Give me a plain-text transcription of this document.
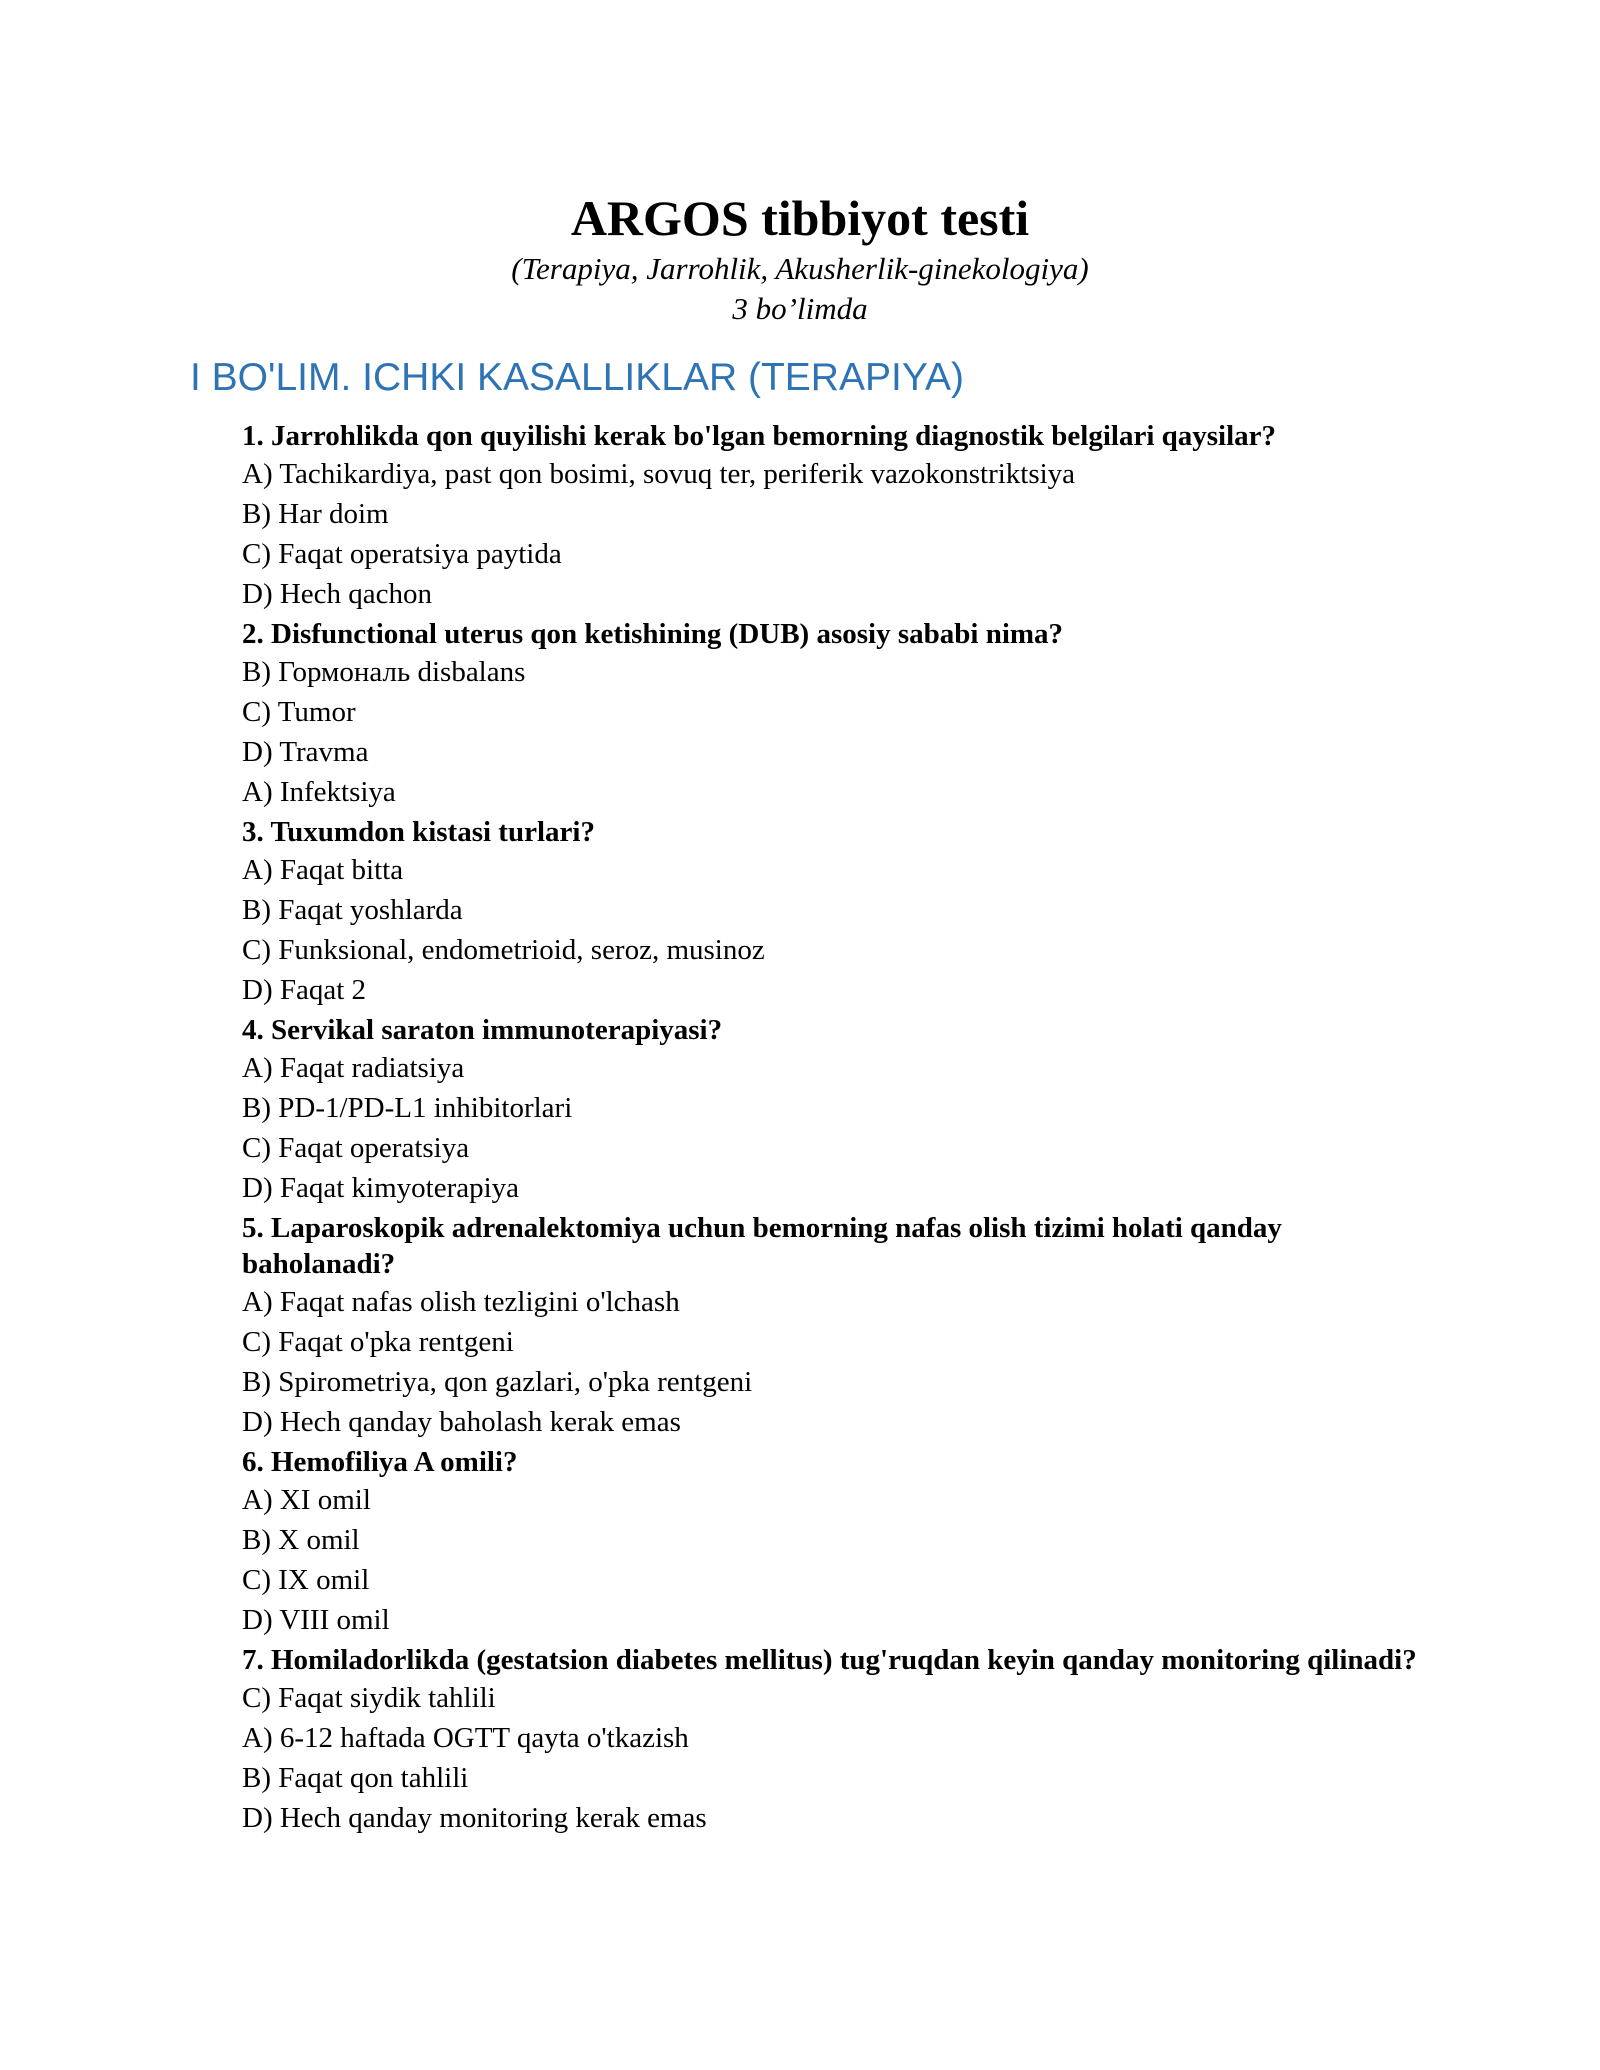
ARGOS tibbiyot testi

(Terapiya, Jarrohlik, Akusherlik-ginekologiya)

3 bo’limda

I BO'LIM. ICHKI KASALLIKLAR (TERAPIYA)

1. Jarrohlikda qon quyilishi kerak bo'lgan bemorning diagnostik belgilari qaysilar?

A) Tachikardiya, past qon bosimi, sovuq ter, periferik vazokonstriktsiya

B) Har doim

C) Faqat operatsiya paytida

D) Hech qachon

2. Disfunctional uterus qon ketishining (DUB) asosiy sababi nima?

B) Гормональ disbalans

C) Tumor

D) Travma

A) Infektsiya

3. Tuxumdon kistasi turlari?

A) Faqat bitta

B) Faqat yoshlarda

C) Funksional, endometrioid, seroz, musinoz

D) Faqat 2

4. Servikal saraton immunoterapiyasi?

A) Faqat radiatsiya

B) PD-1/PD-L1 inhibitorlari

C) Faqat operatsiya

D) Faqat kimyoterapiya

5. Laparoskopik adrenalektomiya uchun bemorning nafas olish tizimi holati qanday baholanadi?

A) Faqat nafas olish tezligini o'lchash

C) Faqat o'pka rentgeni

B) Spirometriya, qon gazlari, o'pka rentgeni

D) Hech qanday baholash kerak emas

6. Hemofiliya A omili?

A) XI omil

B) X omil

C) IX omil

D) VIII omil

7. Homiladorlikda (gestatsion diabetes mellitus) tug'ruqdan keyin qanday monitoring qilinadi?

C) Faqat siydik tahlili

A) 6-12 haftada OGTT qayta o'tkazish

B) Faqat qon tahlili

D) Hech qanday monitoring kerak emas
